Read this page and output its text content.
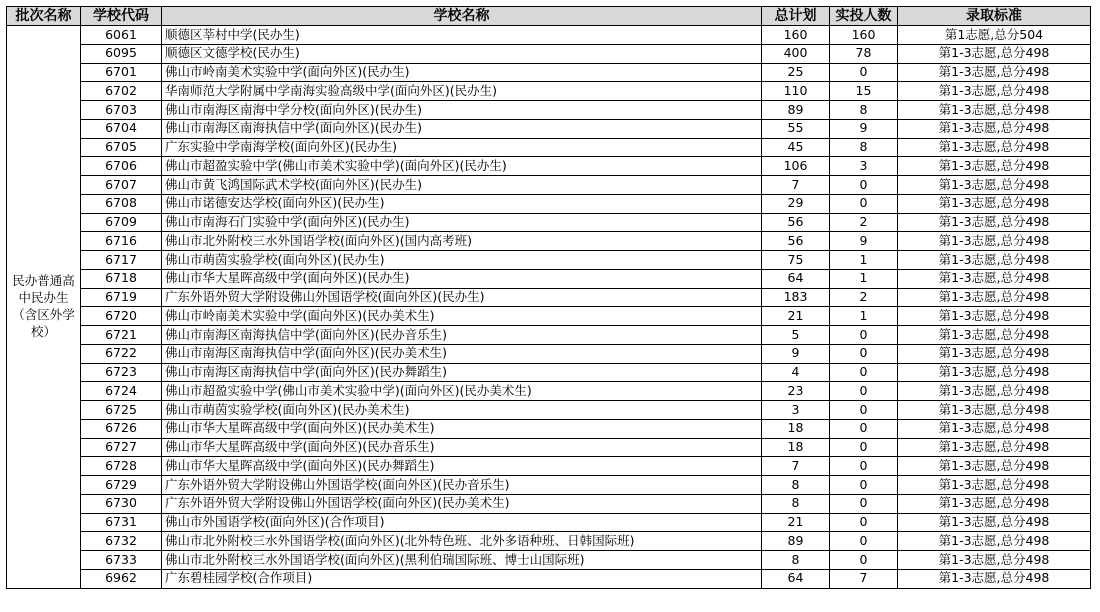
批次名称	学校代码	学校名称	总计划	实投人数	录取标准
民办普通高中民办生（含区外学校）	6061	顺德区莘村中学(民办生)	160	160	第1志愿,总分504
	6095	顺德区文德学校(民办生)	400	78	第1-3志愿,总分498
	6701	佛山市岭南美术实验中学(面向外区)(民办生)	25	0	第1-3志愿,总分498
	6702	华南师范大学附属中学南海实验高级中学(面向外区)(民办生)	110	15	第1-3志愿,总分498
	6703	佛山市南海区南海中学分校(面向外区)(民办生)	89	8	第1-3志愿,总分498
	6704	佛山市南海区南海执信中学(面向外区)(民办生)	55	9	第1-3志愿,总分498
	6705	广东实验中学南海学校(面向外区)(民办生)	45	8	第1-3志愿,总分498
	6706	佛山市超盈实验中学(佛山市美术实验中学)(面向外区)(民办生)	106	3	第1-3志愿,总分498
	6707	佛山市黄飞鸿国际武术学校(面向外区)(民办生)	7	0	第1-3志愿,总分498
	6708	佛山市诺德安达学校(面向外区)(民办生)	29	0	第1-3志愿,总分498
	6709	佛山市南海石门实验中学(面向外区)(民办生)	56	2	第1-3志愿,总分498
	6716	佛山市北外附校三水外国语学校(面向外区)(国内高考班)	56	9	第1-3志愿,总分498
	6717	佛山市萌茵实验学校(面向外区)(民办生)	75	1	第1-3志愿,总分498
	6718	佛山市华大星晖高级中学(面向外区)(民办生)	64	1	第1-3志愿,总分498
	6719	广东外语外贸大学附设佛山外国语学校(面向外区)(民办生)	183	2	第1-3志愿,总分498
	6720	佛山市岭南美术实验中学(面向外区)(民办美术生)	21	1	第1-3志愿,总分498
	6721	佛山市南海区南海执信中学(面向外区)(民办音乐生)	5	0	第1-3志愿,总分498
	6722	佛山市南海区南海执信中学(面向外区)(民办美术生)	9	0	第1-3志愿,总分498
	6723	佛山市南海区南海执信中学(面向外区)(民办舞蹈生)	4	0	第1-3志愿,总分498
	6724	佛山市超盈实验中学(佛山市美术实验中学)(面向外区)(民办美术生)	23	0	第1-3志愿,总分498
	6725	佛山市萌茵实验学校(面向外区)(民办美术生)	3	0	第1-3志愿,总分498
	6726	佛山市华大星晖高级中学(面向外区)(民办美术生)	18	0	第1-3志愿,总分498
	6727	佛山市华大星晖高级中学(面向外区)(民办音乐生)	18	0	第1-3志愿,总分498
	6728	佛山市华大星晖高级中学(面向外区)(民办舞蹈生)	7	0	第1-3志愿,总分498
	6729	广东外语外贸大学附设佛山外国语学校(面向外区)(民办音乐生)	8	0	第1-3志愿,总分498
	6730	广东外语外贸大学附设佛山外国语学校(面向外区)(民办美术生)	8	0	第1-3志愿,总分498
	6731	佛山市外国语学校(面向外区)(合作项目)	21	0	第1-3志愿,总分498
	6732	佛山市北外附校三水外国语学校(面向外区)(北外特色班、北外多语种班、日韩国际班)	89	0	第1-3志愿,总分498
	6733	佛山市北外附校三水外国语学校(面向外区)(黑利伯瑞国际班、博士山国际班)	8	0	第1-3志愿,总分498
	6962	广东碧桂园学校(合作项目)	64	7	第1-3志愿,总分498
